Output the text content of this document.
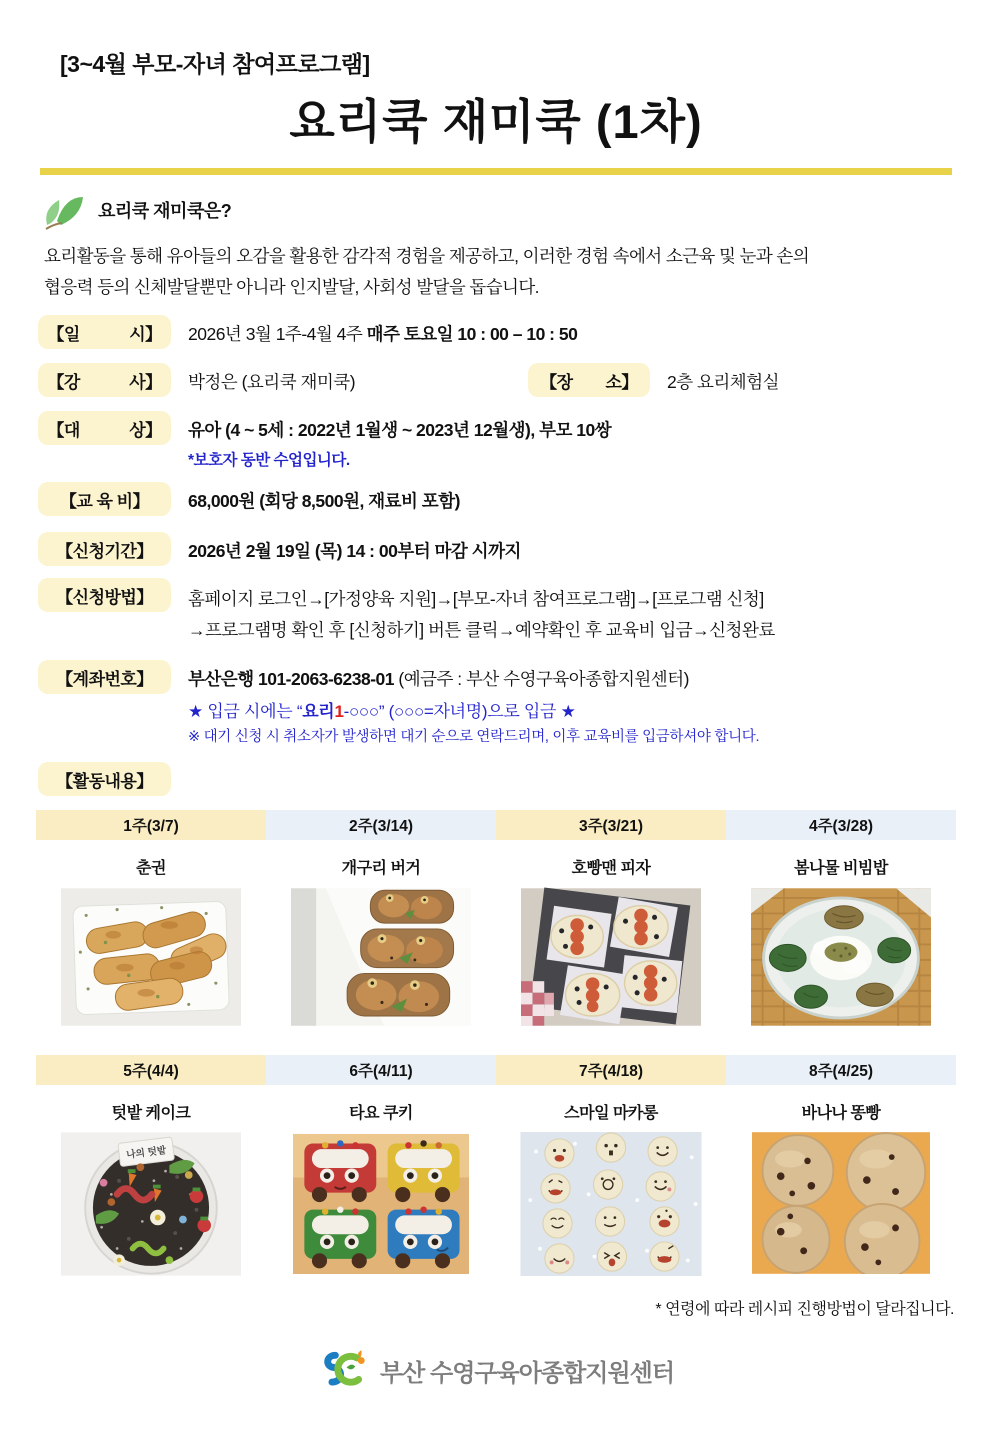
[3~4월 부모-자녀 참여프로그램]
요리쿡 재미쿡 (1차)
요리쿡 재미쿡은?
요리활동을 통해 유아들의 오감을 활용한 감각적 경험을 제공하고, 이러한 경험 속에서 소근육 및 눈과 손의
협응력 등의 신체발달뿐만 아니라 인지발달, 사회성 발달을 돕습니다.
【일　　　시】	2026년 3월 1주-4월 4주 매주 토요일 10 : 00 – 10 : 50
【강　　　사】	박정은 (요리쿡 재미쿡)	【장　　소】	2층 요리체험실
【대　　　상】	유아 (4 ~ 5세 : 2022년 1월생 ~ 2023년 12월생), 부모 10쌍
*보호자 동반 수업입니다.
【교 육 비】	68,000원 (회당 8,500원, 재료비 포함)
【신청기간】	2026년 2월 19일 (목) 14 : 00부터 마감 시까지
【신청방법】	홈페이지 로그인→[가정양육 지원]→[부모-자녀 참여프로그램]→[프로그램 신청]
→프로그램명 확인 후 [신청하기] 버튼 클릭→예약확인 후 교육비 입금→신청완료
【계좌번호】	부산은행 101-2063-6238-01 (예금주 : 부산 수영구육아종합지원센터)
★ 입금 시에는 “요리1-○○○” (○○○=자녀명)으로 입금 ★
※ 대기 신청 시 취소자가 발생하면 대기 순으로 연락드리며, 이후 교육비를 입금하셔야 합니다.
【활동내용】
1주(3/7)	2주(3/14)	3주(3/21)	4주(3/28)
춘권	개구리 버거	호빵맨 피자	봄나물 비빔밥
5주(4/4)	6주(4/11)	7주(4/18)	8주(4/25)
텃밭 케이크	타요 쿠키	스마일 마카롱	바나나 똥빵
나의 텃밭
* 연령에 따라 레시피 진행방법이 달라집니다.
부산 수영구육아종합지원센터
